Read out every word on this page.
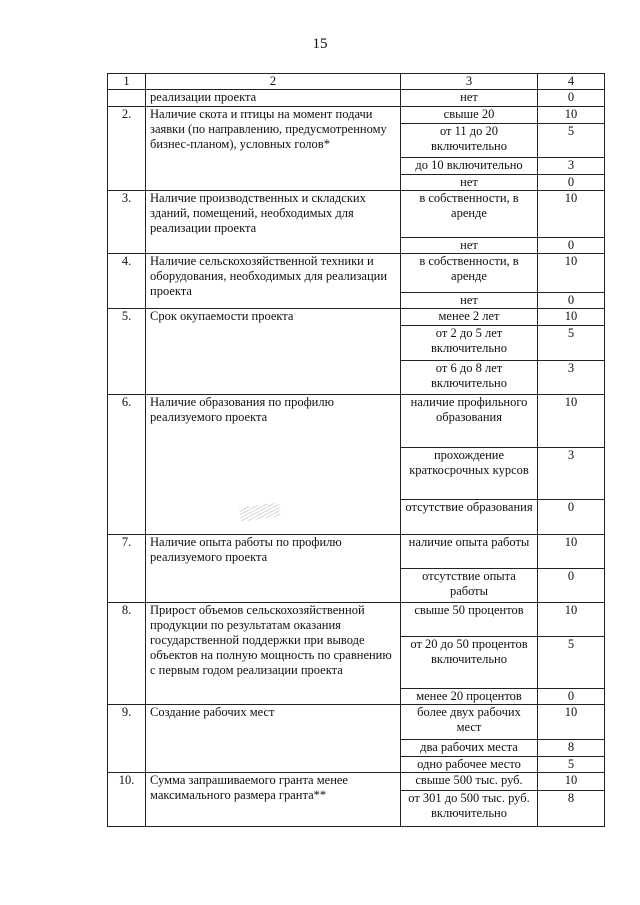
15
1	2	3	4
	реализации проекта	нет	0
2.	Наличие скота и птицы на момент подачи заявки (по направлению, предусмотренному бизнес-планом), условных голов*	свыше 20	10
		от 11 до 20 включительно	5
		до 10 включительно	3
		нет	0
3.	Наличие производственных и складских зданий, помещений, необходимых для реализации проекта	в собственности, в аренде	10
		нет	0
4.	Наличие сельскохозяйственной техники и оборудования, необходимых для реализации проекта	в собственности, в аренде	10
		нет	0
5.	Срок окупаемости проекта	менее 2 лет	10
		от 2 до 5 лет включительно	5
		от 6 до 8 лет включительно	3
6.	Наличие образования по профилю реализуемого проекта	наличие профильного образования	10
		прохождение краткосрочных курсов	3
		отсутствие образования	0
7.	Наличие опыта работы по профилю реализуемого проекта	наличие опыта работы	10
		отсутствие опыта работы	0
8.	Прирост объемов сельскохозяйственной продукции по результатам оказания государственной поддержки при выводе объектов на полную мощность по сравнению с первым годом реализации проекта	свыше 50 процентов	10
		от 20 до 50 процентов включительно	5
		менее 20 процентов	0
9.	Создание рабочих мест	более двух рабочих мест	10
		два рабочих места	8
		одно рабочее место	5
10.	Сумма запрашиваемого гранта менее максимального размера гранта**	свыше 500 тыс. руб.	10
		от 301 до 500 тыс. руб. включительно	8
